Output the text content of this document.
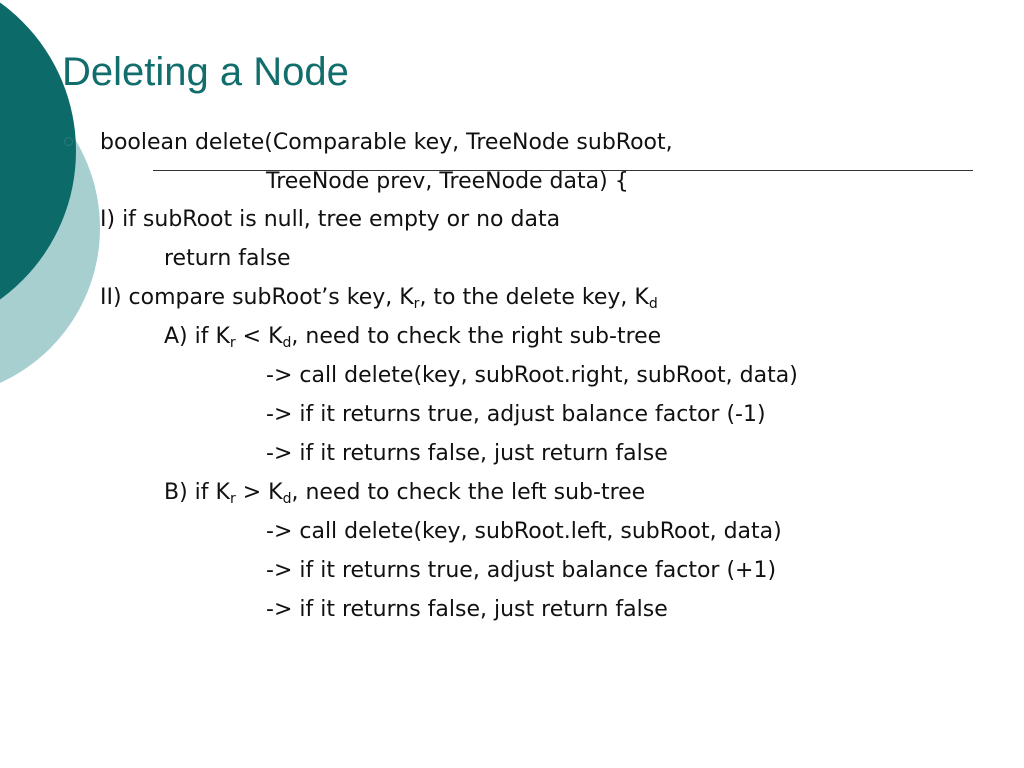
Deleting a Node

boolean delete(Comparable key, TreeNode subRoot,

TreeNode prev, TreeNode data) {

I) if subRoot is null, tree empty or no data

return false

II) compare subRoot’s key, $K_r$, to the delete key, $K_d$

A) if $K_r < K_d$, need to check the right sub-tree

-> call delete(key, subRoot.right, subRoot, data)

-> if it returns true, adjust balance factor (-1)

-> if it returns false, just return false

B) if $K_r > K_d$, need to check the left sub-tree

-> call delete(key, subRoot.left, subRoot, data)

-> if it returns true, adjust balance factor (+1)

-> if it returns false, just return false
